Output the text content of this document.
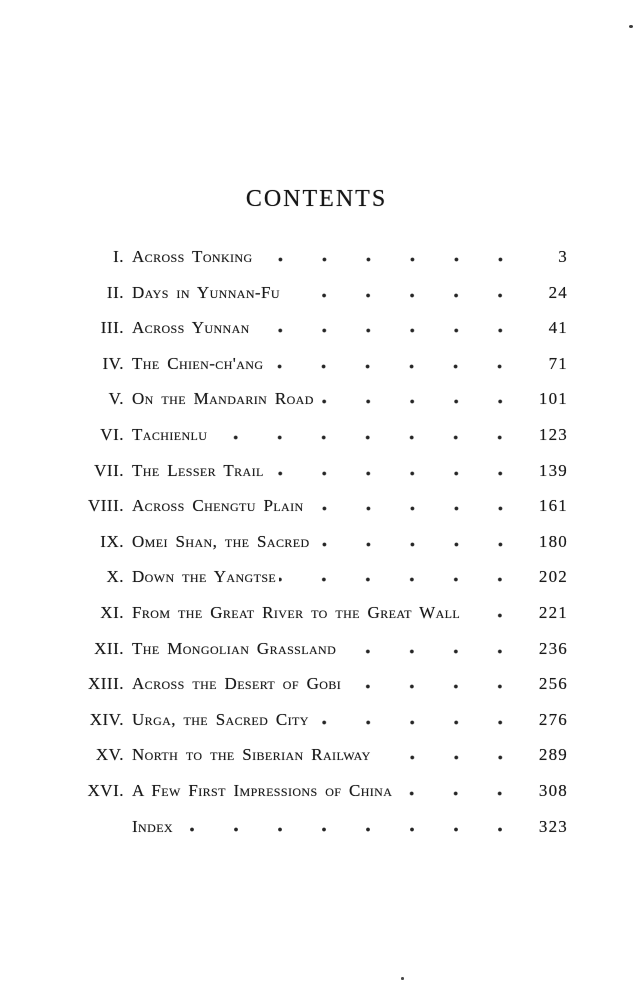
CONTENTS
I. Across Tonking	3
II. Days in Yunnan-Fu	24
III. Across Yunnan	41
IV. The Chien-ch'ang	71
V. On the Mandarin Road	101
VI. Tachienlu	123
VII. The Lesser Trail	139
VIII. Across Chengtu Plain	161
IX. Omei Shan, the Sacred	180
X. Down the Yangtse	202
XI. From the Great River to the Great Wall	221
XII. The Mongolian Grassland	236
XIII. Across the Desert of Gobi	256
XIV. Urga, the Sacred City	276
XV. North to the Siberian Railway	289
XVI. A Few First Impressions of China	308
Index	323
